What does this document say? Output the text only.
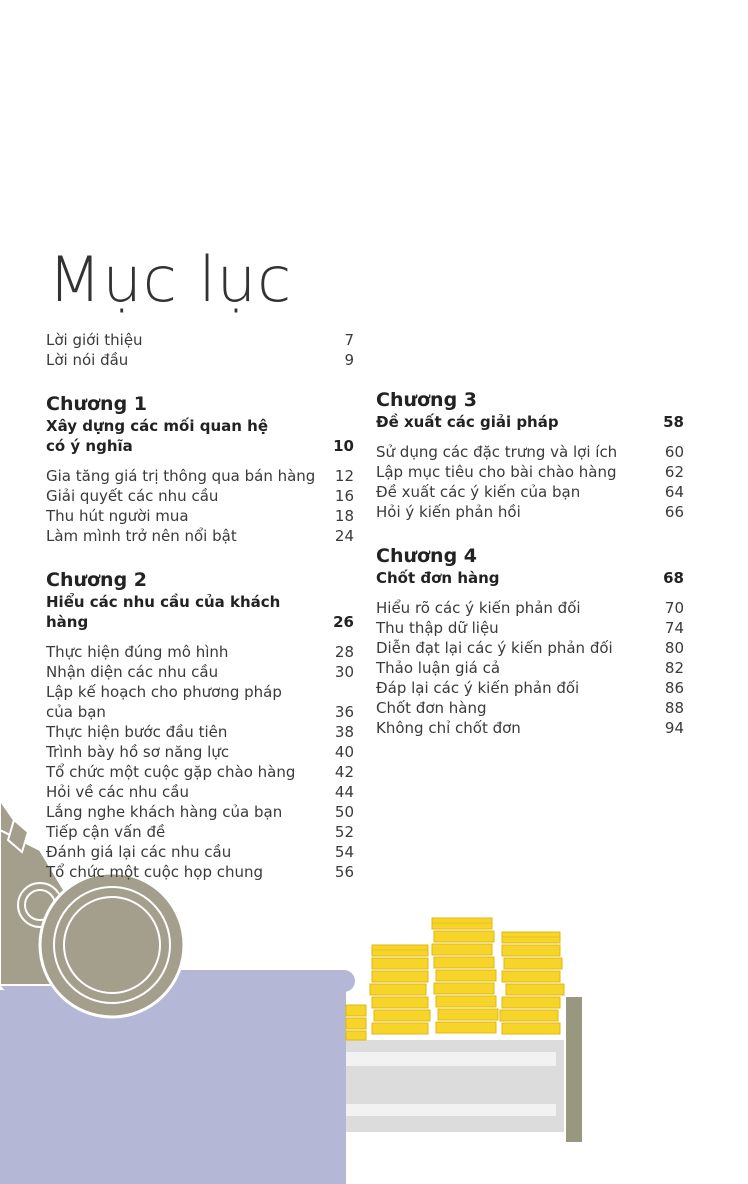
Mục lục
Lời giới thiệu	7
Lời nói đầu	9
Chương 1
Xây dựng các mối quan hệ có ý nghĩa	10
Gia tăng giá trị thông qua bán hàng 12
Giải quyết các nhu cầu	16
Thu hút người mua	18
Làm mình trở nên nổi bật	24
Chương 2
Hiểu các nhu cầu của khách hàng	26
Thực hiện đúng mô hình	28
Nhận diện các nhu cầu	30
Lập kế hoạch cho phương pháp của bạn	36
Thực hiện bước đầu tiên	38
Trình bày hồ sơ năng lực	40
Tổ chức một cuộc gặp chào hàng	42
Hỏi về các nhu cầu	44
Lắng nghe khách hàng của bạn	50
Tiếp cận vấn đề	52
Đánh giá lại các nhu cầu	54
Tổ chức một cuộc họp chung	56
Chương 3
Đề xuất các giải pháp	58
Sử dụng các đặc trưng và lợi ích	60
Lập mục tiêu cho bài chào hàng	62
Đề xuất các ý kiến của bạn	64
Hỏi ý kiến phản hồi	66
Chương 4
Chốt đơn hàng	68
Hiểu rõ các ý kiến phản đối	70
Thu thập dữ liệu	74
Diễn đạt lại các ý kiến phản đối	80
Thảo luận giá cả	82
Đáp lại các ý kiến phản đối	86
Chốt đơn hàng	88
Không chỉ chốt đơn	94
